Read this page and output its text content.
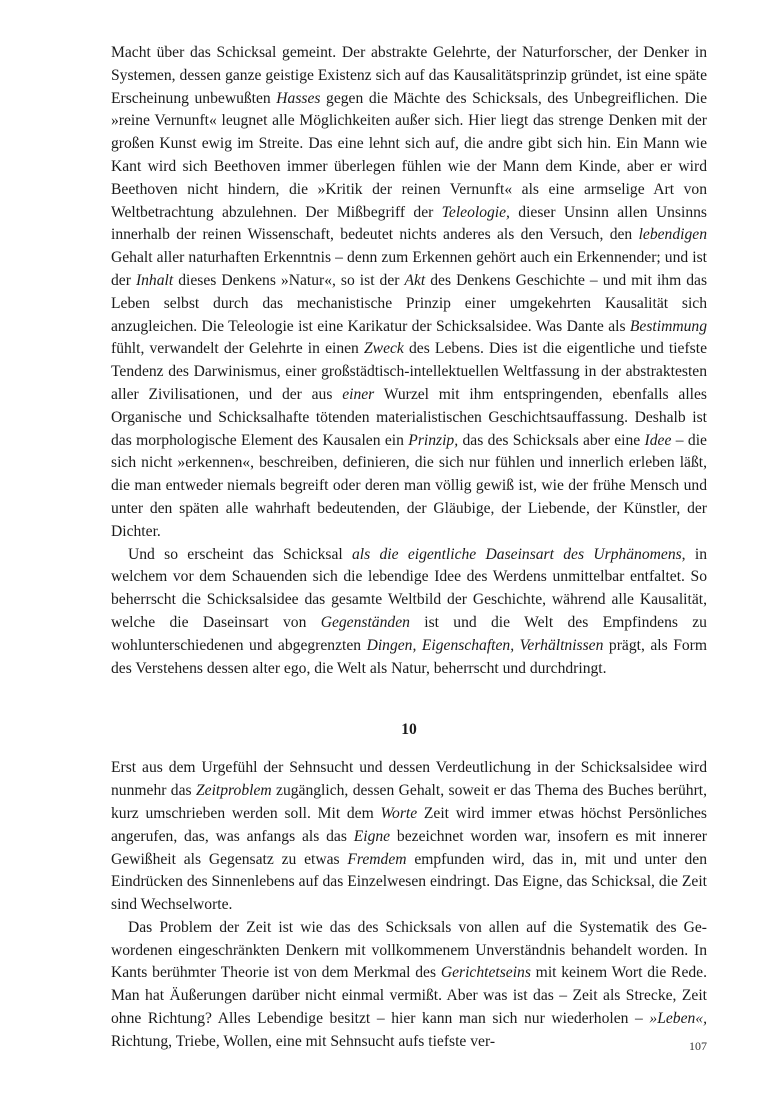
Macht über das Schicksal gemeint. Der abstrakte Gelehrte, der Naturforscher, der Denker in Systemen, dessen ganze geistige Existenz sich auf das Kausalitätsprinzip gründet, ist eine späte Erscheinung unbewußten Hasses gegen die Mächte des Schicksals, des Unbegreiflichen. Die »reine Vernunft« leugnet alle Möglichkeiten außer sich. Hier liegt das strenge Denken mit der großen Kunst ewig im Streite. Das eine lehnt sich auf, die andre gibt sich hin. Ein Mann wie Kant wird sich Beethoven immer überlegen fühlen wie der Mann dem Kinde, aber er wird Beethoven nicht hindern, die »Kritik der reinen Vernunft« als eine armselige Art von Weltbetrachtung abzulehnen. Der Mißbegriff der Teleologie, dieser Unsinn allen Unsinns innerhalb der reinen Wissenschaft, bedeutet nichts anderes als den Versuch, den lebendigen Gehalt aller naturhaften Erkenntnis – denn zum Erkennen gehört auch ein Erkennender; und ist der Inhalt dieses Denkens »Natur«, so ist der Akt des Denkens Geschichte – und mit ihm das Leben selbst durch das mechanistische Prinzip einer umgekehrten Kausalität sich anzugleichen. Die Teleologie ist eine Karikatur der Schicksalsidee. Was Dante als Bestimmung fühlt, verwandelt der Gelehrte in einen Zweck des Lebens. Dies ist die eigentliche und tiefste Tendenz des Darwinismus, einer großstädtisch-intellektuellen Weltfassung in der abstraktesten aller Zivilisationen, und der aus einer Wurzel mit ihm entspringenden, ebenfalls alles Organische und Schicksalhafte tötenden materialistischen Geschichtsauffassung. Deshalb ist das morphologische Element des Kausalen ein Prinzip, das des Schicksals aber eine Idee – die sich nicht »erkennen«, beschreiben, definieren, die sich nur fühlen und innerlich erleben läßt, die man entweder niemals begreift oder deren man völlig gewiß ist, wie der frühe Mensch und unter den späten alle wahrhaft bedeutenden, der Gläubige, der Liebende, der Künstler, der Dichter.

Und so erscheint das Schicksal als die eigentliche Daseinsart des Urphänomens, in welchem vor dem Schauenden sich die lebendige Idee des Werdens unmittelbar entfaltet. So beherrscht die Schicksalsidee das gesamte Weltbild der Geschichte, während alle Kausalität, welche die Daseinsart von Gegenständen ist und die Welt des Empfindens zu wohlunterschiedenen und abgegrenzten Dingen, Eigenschaften, Verhältnissen prägt, als Form des Verstehens dessen alter ego, die Welt als Natur, beherrscht und durchdringt.

10

Erst aus dem Urgefühl der Sehnsucht und dessen Verdeutlichung in der Schicksalsidee wird nunmehr das Zeitproblem zugänglich, dessen Gehalt, soweit er das Thema des Buches berührt, kurz umschrieben werden soll. Mit dem Worte Zeit wird immer etwas höchst Persönliches angerufen, das, was anfangs als das Eigne bezeichnet worden war, insofern es mit innerer Gewißheit als Gegensatz zu etwas Fremdem empfunden wird, das in, mit und unter den Eindrücken des Sinnenlebens auf das Einzelwesen eindringt. Das Eigne, das Schicksal, die Zeit sind Wechselworte.

Das Problem der Zeit ist wie das des Schicksals von allen auf die Systematik des Gewordenen eingeschränkten Denkern mit vollkommenem Unverständnis behandelt worden. In Kants berühmter Theorie ist von dem Merkmal des Gerichtetseins mit keinem Wort die Rede. Man hat Äußerungen darüber nicht einmal vermißt. Aber was ist das – Zeit als Strecke, Zeit ohne Richtung? Alles Lebendige besitzt – hier kann man sich nur wiederholen – »Leben«, Richtung, Triebe, Wollen, eine mit Sehnsucht aufs tiefste ver-	107
